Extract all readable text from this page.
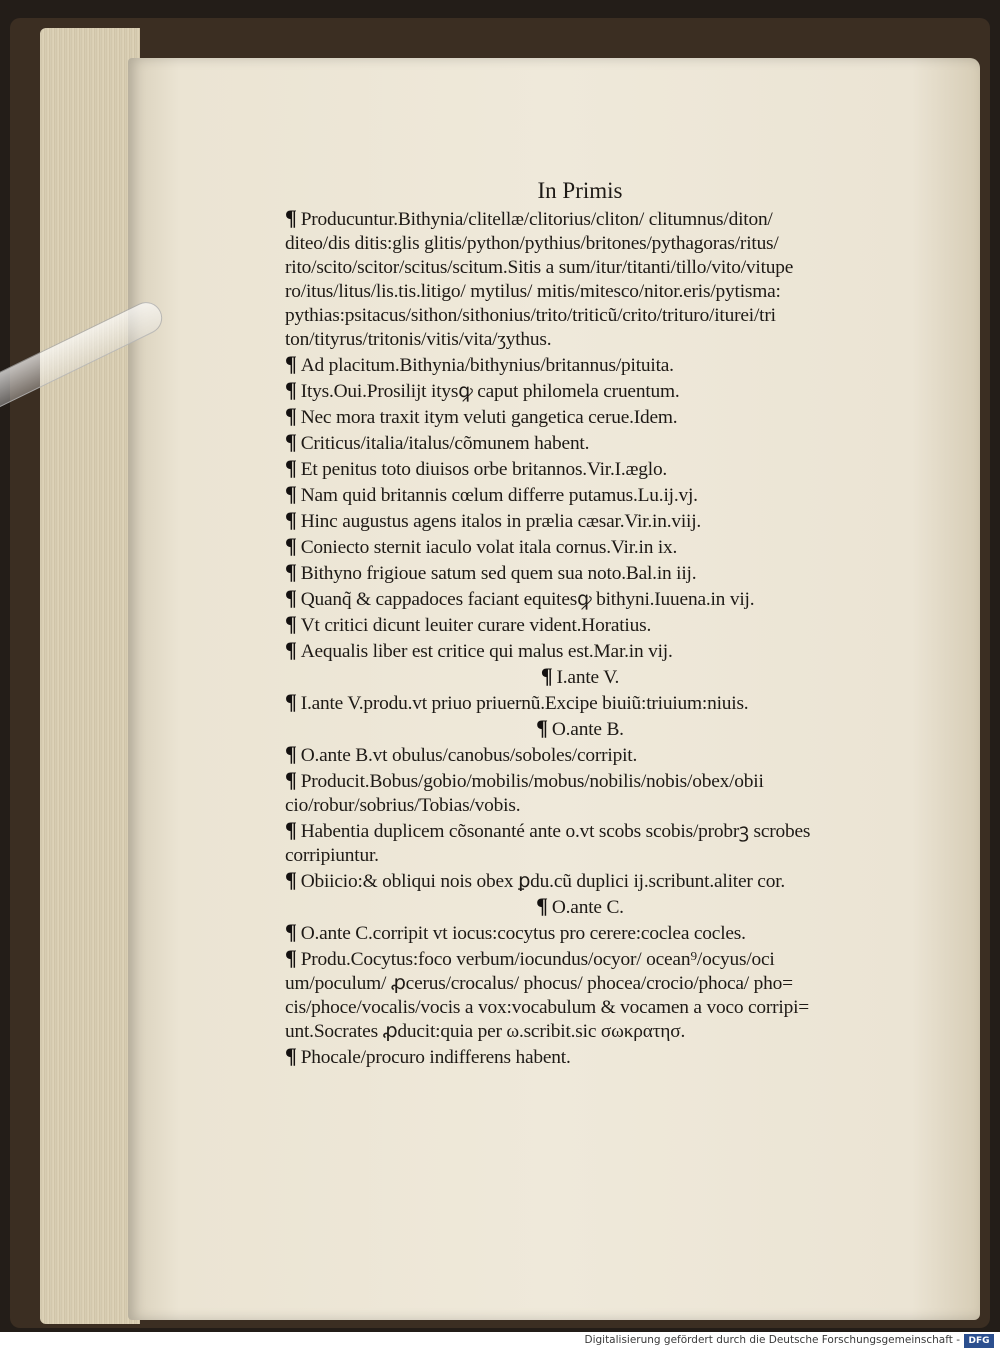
In Primis
¶ Producuntur.Bithynia/clitellæ/clitorius/cliton/ clitumnus/diton/
diteo/dis ditis:glis glitis/python/pythius/britones/pythagoras/ritus/
rito/scito/scitor/scitus/scitum.Sitis a sum/itur/titanti/tillo/vito/vitupe
ro/itus/litus/lis.tis.litigo/ mytilus/ mitis/mitesco/nitor.eris/pytisma:
pythias:psitacus/sithon/sithonius/trito/triticũ/crito/trituro/iturei/tri
ton/tityrus/tritonis/vitis/vita/ʒythus.
¶ Ad placitum.Bithynia/bithynius/britannus/pituita.
¶ Itys.Oui.Prosilijt itysꝙ caput philomela cruentum.
¶ Nec mora traxit itym veluti gangetica cerue.Idem.
¶ Criticus/italia/italus/cõmunem habent.
¶ Et penitus toto diuisos orbe britannos.Vir.I.æglo.
¶ Nam quid britannis cœlum differre putamus.Lu.ij.vj.
¶ Hinc augustus agens italos in prælia cæsar.Vir.in.viij.
¶ Coniecto sternit iaculo volat itala cornus.Vir.in ix.
¶ Bithyno frigioue satum sed quem sua noto.Bal.in iij.
¶ Quanq̃ & cappadoces faciant equitesꝙ bithyni.Iuuena.in vij.
¶ Vt critici dicunt leuiter curare vident.Horatius.
¶ Aequalis liber est critice qui malus est.Mar.in vij.
¶ I.ante V.
¶ I.ante V.produ.vt priuo priuernũ.Excipe biuiũ:triuium:niuis.
¶ O.ante B.
¶ O.ante B.vt obulus/canobus/soboles/corripit.
¶ Producit.Bobus/gobio/mobilis/mobus/nobilis/nobis/obex/obii
cio/robur/sobrius/Tobias/vobis.
¶ Habentia duplicem cõsonanté ante o.vt scobs scobis/probrꝫ scrobes
corripiuntur.
¶ Obiicio:& obliqui nois obex ꝑdu.cũ duplici ij.scribunt.aliter cor.
¶ O.ante C.
¶ O.ante C.corripit vt iocus:cocytus pro cerere:coclea cocles.
¶ Produ.Cocytus:foco verbum/iocundus/ocyor/ ocean⁹/ocyus/oci
um/poculum/ ꝓcerus/crocalus/ phocus/ phocea/crocio/phoca/ pho=
cis/phoce/vocalis/vocis a vox:vocabulum & vocamen a voco corripi=
unt.Socrates ꝓducit:quia per ω.scribit.sic σωκρατησ.
¶ Phocale/procuro indifferens habent.
Digitalisierung gefördert durch die Deutsche Forschungsgemeinschaft - DFG
